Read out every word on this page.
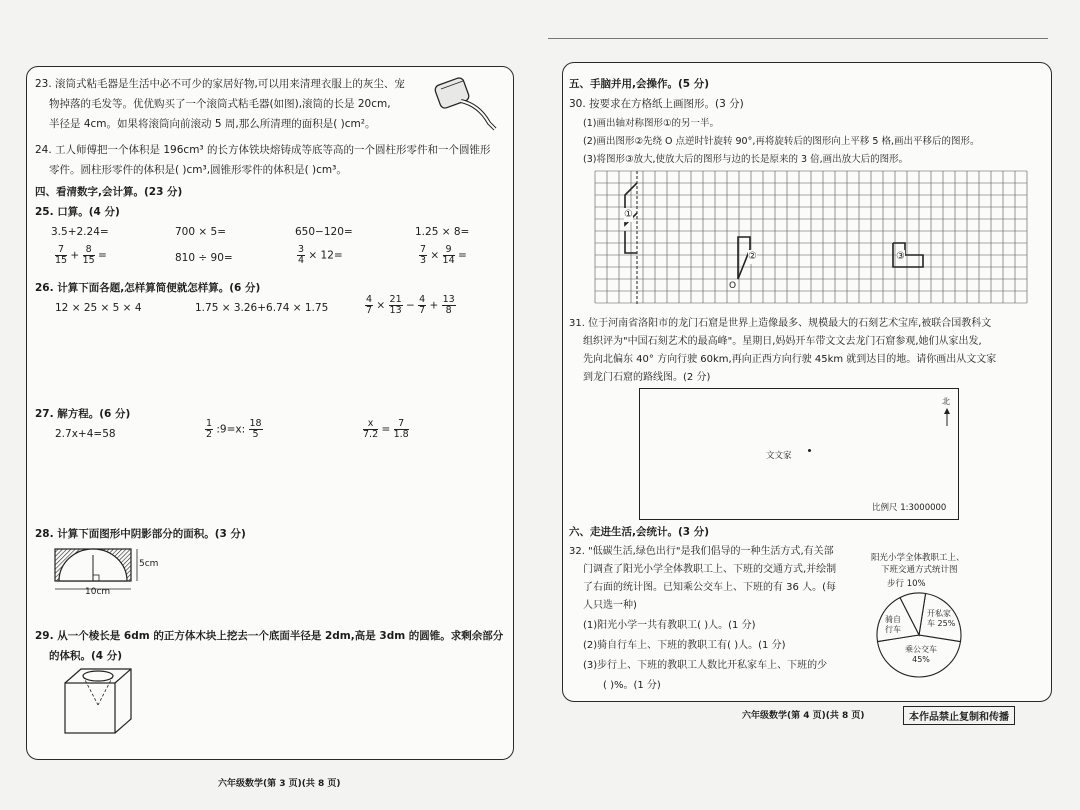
23. 滚筒式粘毛器是生活中必不可少的家居好物,可以用来清理衣服上的灰尘、宠
物掉落的毛发等。优优购买了一个滚筒式粘毛器(如图),滚筒的长是 20cm,
半径是 4cm。如果将滚筒向前滚动 5 周,那么所清理的面积是( )cm²。
24. 工人师傅把一个体积是 196cm³ 的长方体铁块熔铸成等底等高的一个圆柱形零件和一个圆锥形
零件。圆柱形零件的体积是( )cm³,圆锥形零件的体积是( )cm³。
四、看清数字,会计算。(23 分)
25. 口算。(4 分)
3.5+2.24=	700 × 5=	650−120=	1.25 × 8=
$\frac{7}{15} + \frac{8}{15}$ =	810 ÷ 90=	$\frac{3}{4} \times 12=$	$\frac{7}{3} \times \frac{9}{14}$ =
26. 计算下面各题,怎样算简便就怎样算。(6 分)
12 × 25 × 5 × 4	1.75 × 3.26+6.74 × 1.75	$\frac{4}{7} \times \frac{21}{13} - \frac{4}{7} + \frac{13}{8}$
27. 解方程。(6 分)
2.7x+4=58	$\frac{1}{2}$ :9=x: $\frac{18}{5}$	$\frac{x}{7.2} = \frac{7}{1.8}$
28. 计算下面图形中阴影部分的面积。(3 分)
5cm
10cm
29. 从一个棱长是 6dm 的正方体木块上挖去一个底面半径是 2dm,高是 3dm 的圆锥。求剩余部分
的体积。(4 分)
六年级数学(第 3 页)(共 8 页)
五、手脑并用,会操作。(5 分)
30. 按要求在方格纸上画图形。(3 分)
(1)画出轴对称图形①的另一半。
(2)画出图形②先绕 O 点逆时针旋转 90°,再将旋转后的图形向上平移 5 格,画出平移后的图形。
(3)将图形③放大,使放大后的图形与边的长是原来的 3 倍,画出放大后的图形。
①
②	③
O
31. 位于河南省洛阳市的龙门石窟是世界上造像最多、规模最大的石刻艺术宝库,被联合国教科文
组织评为"中国石刻艺术的最高峰"。星期日,妈妈开车带文文去龙门石窟参观,她们从家出发,
先向北偏东 40° 方向行驶 60km,再向正西方向行驶 45km 就到达目的地。请你画出从文文家
到龙门石窟的路线图。(2 分)
北
文文家
比例尺 1:3000000
六、走进生活,会统计。(3 分)
32. "低碳生活,绿色出行"是我们倡导的一种生活方式,有关部
门调查了阳光小学全体教职工上、下班的交通方式,并绘制
了右面的统计图。已知乘公交车上、下班的有 36 人。(每
人只选一种)
(1)阳光小学一共有教职工( )人。(1 分)
(2)骑自行车上、下班的教职工有( )人。(1 分)
(3)步行上、下班的教职工人数比开私家车上、下班的少
( )%。(1 分)
阳光小学全体教职工上、
下班交通方式统计图
步行 10%
开私家
车 25%
骑自
行车
乘公交车
45%
六年级数学(第 4 页)(共 8 页)	本作品禁止复制和传播
